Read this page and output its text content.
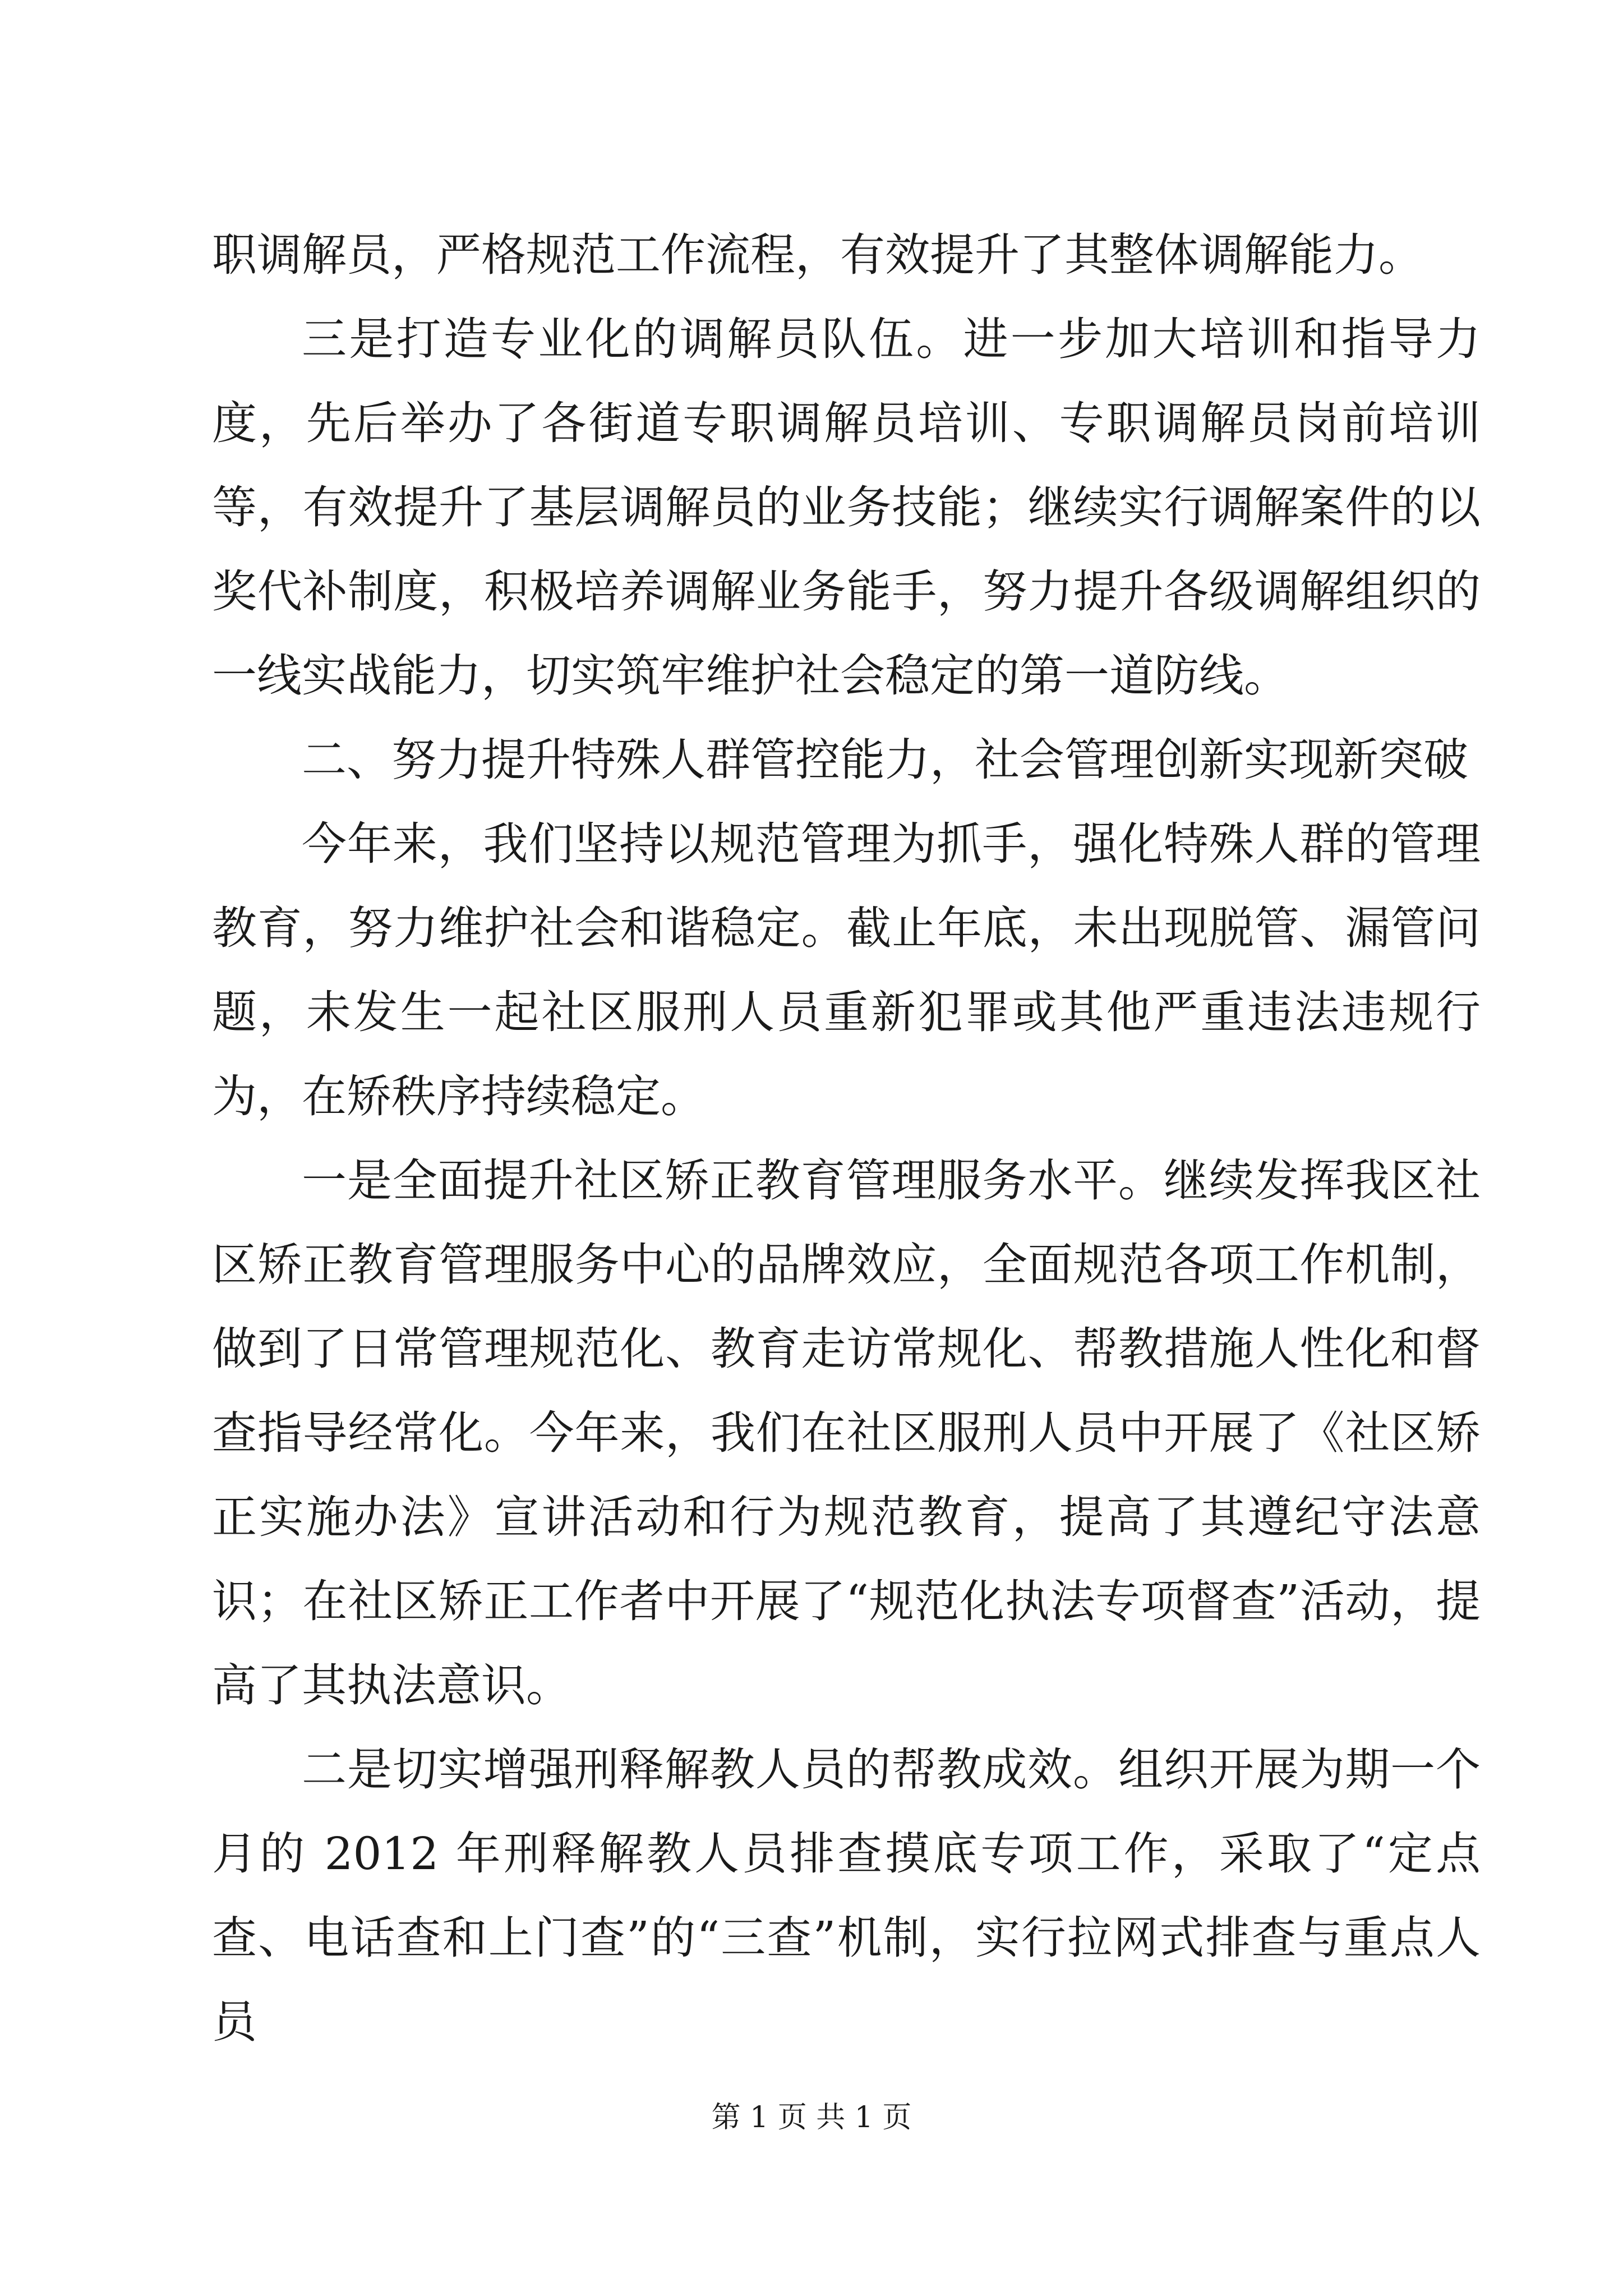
职调解员，严格规范工作流程，有效提升了其整体调解能力。

三是打造专业化的调解员队伍。进一步加大培训和指导力度，先后举办了各街道专职调解员培训、专职调解员岗前培训等，有效提升了基层调解员的业务技能；继续实行调解案件的以奖代补制度，积极培养调解业务能手，努力提升各级调解组织的一线实战能力，切实筑牢维护社会稳定的第一道防线。

二、努力提升特殊人群管控能力，社会管理创新实现新突破

今年来，我们坚持以规范管理为抓手，强化特殊人群的管理教育，努力维护社会和谐稳定。截止年底，未出现脱管、漏管问题，未发生一起社区服刑人员重新犯罪或其他严重违法违规行为，在矫秩序持续稳定。

一是全面提升社区矫正教育管理服务水平。继续发挥我区社区矫正教育管理服务中心的品牌效应，全面规范各项工作机制，做到了日常管理规范化、教育走访常规化、帮教措施人性化和督查指导经常化。今年来，我们在社区服刑人员中开展了《社区矫正实施办法》宣讲活动和行为规范教育，提高了其遵纪守法意识；在社区矫正工作者中开展了“规范化执法专项督查”活动，提高了其执法意识。

二是切实增强刑释解教人员的帮教成效。组织开展为期一个月的 2012 年刑释解教人员排查摸底专项工作，采取了“定点查、电话查和上门查”的“三查”机制，实行拉网式排查与重点人员

第 1 页 共 1 页
